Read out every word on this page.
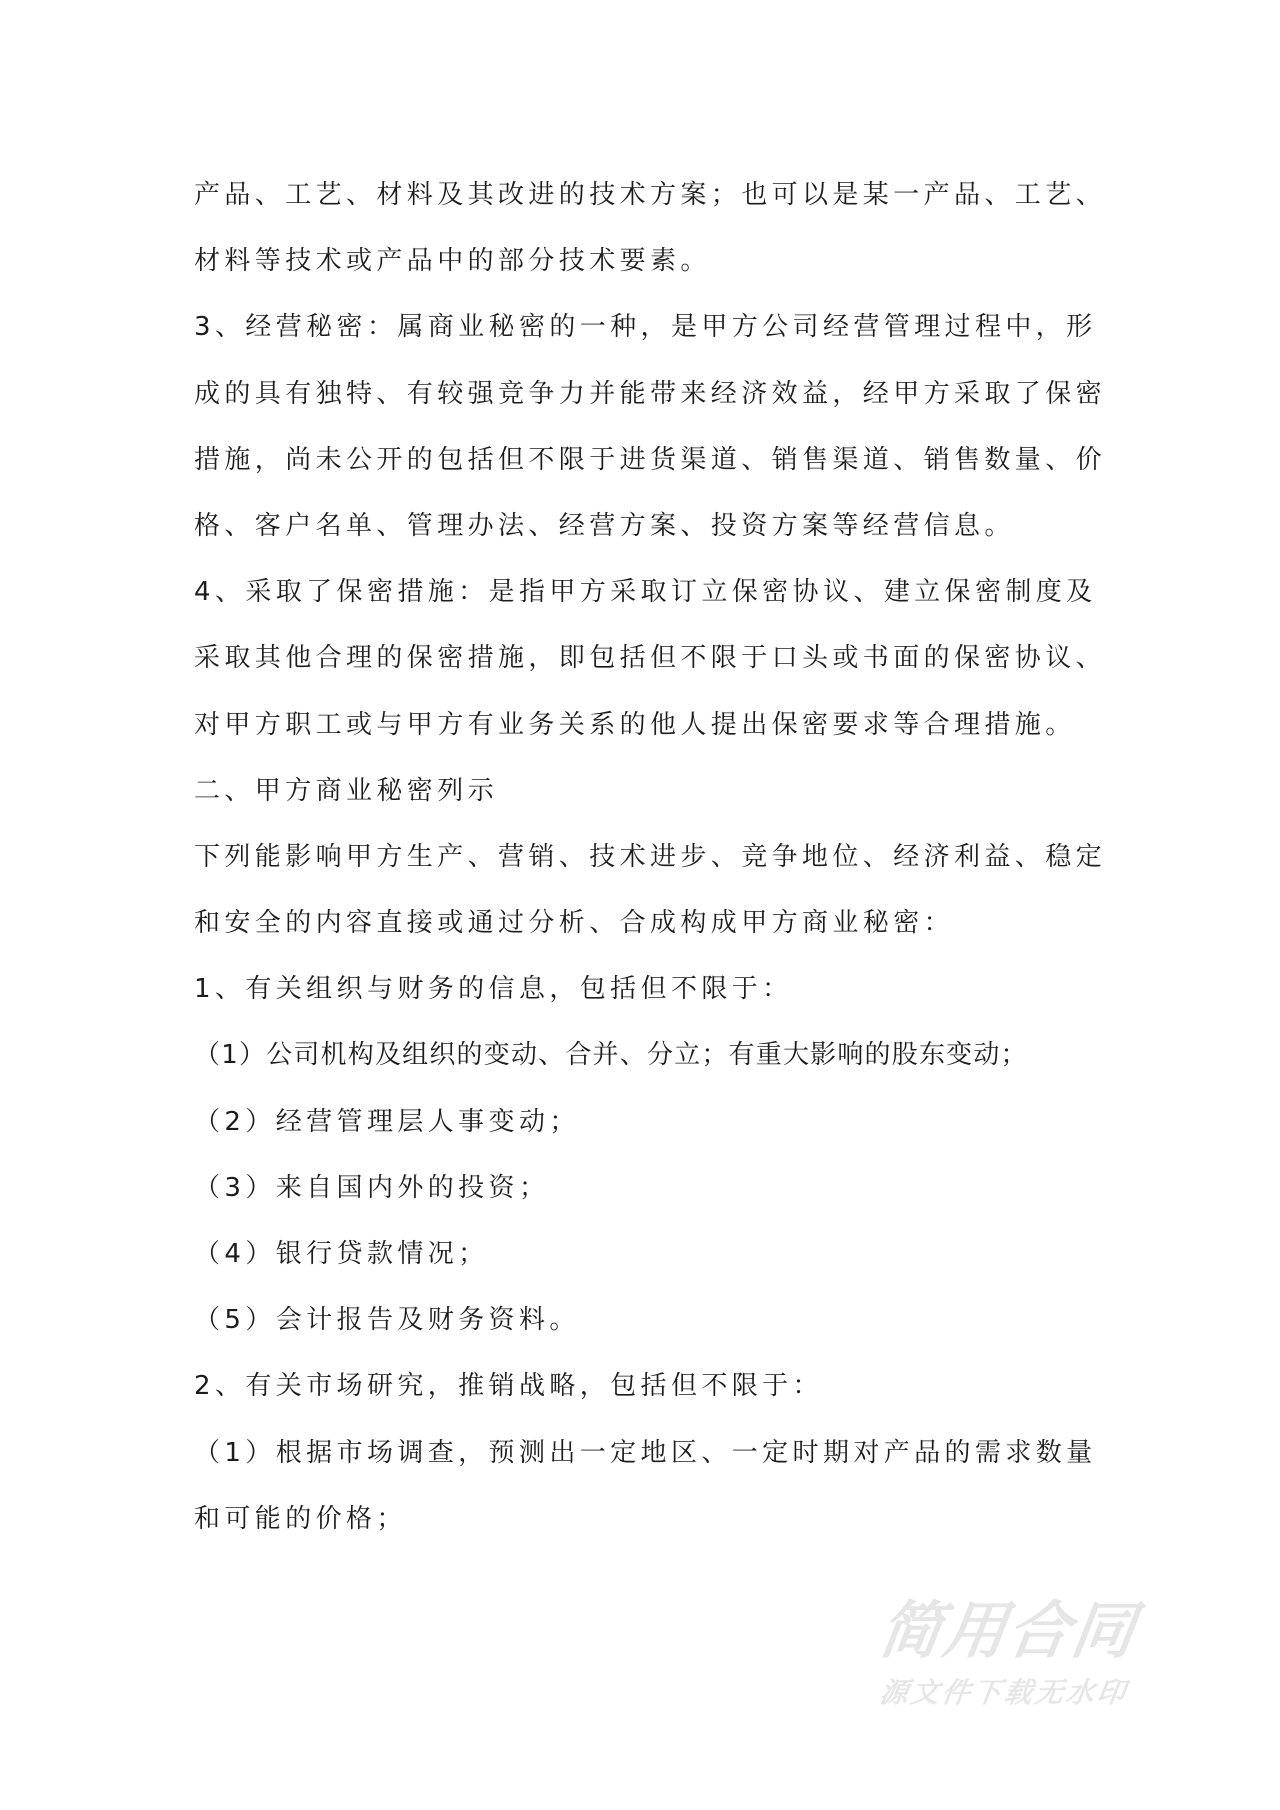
产品、工艺、材料及其改进的技术方案；也可以是某一产品、工艺、
材料等技术或产品中的部分技术要素。
3、经营秘密：属商业秘密的一种，是甲方公司经营管理过程中，形
成的具有独特、有较强竞争力并能带来经济效益，经甲方采取了保密
措施，尚未公开的包括但不限于进货渠道、销售渠道、销售数量、价
格、客户名单、管理办法、经营方案、投资方案等经营信息。
4、采取了保密措施：是指甲方采取订立保密协议、建立保密制度及
采取其他合理的保密措施，即包括但不限于口头或书面的保密协议、
对甲方职工或与甲方有业务关系的他人提出保密要求等合理措施。
二、甲方商业秘密列示
下列能影响甲方生产、营销、技术进步、竞争地位、经济利益、稳定
和安全的内容直接或通过分析、合成构成甲方商业秘密：
1、有关组织与财务的信息，包括但不限于：
（1）公司机构及组织的变动、合并、分立；有重大影响的股东变动；
（2）经营管理层人事变动；
（3）来自国内外的投资；
（4）银行贷款情况；
（5）会计报告及财务资料。
2、有关市场研究，推销战略，包括但不限于：
（1）根据市场调查，预测出一定地区、一定时期对产品的需求数量
和可能的价格；
简用合同
源文件下载无水印
